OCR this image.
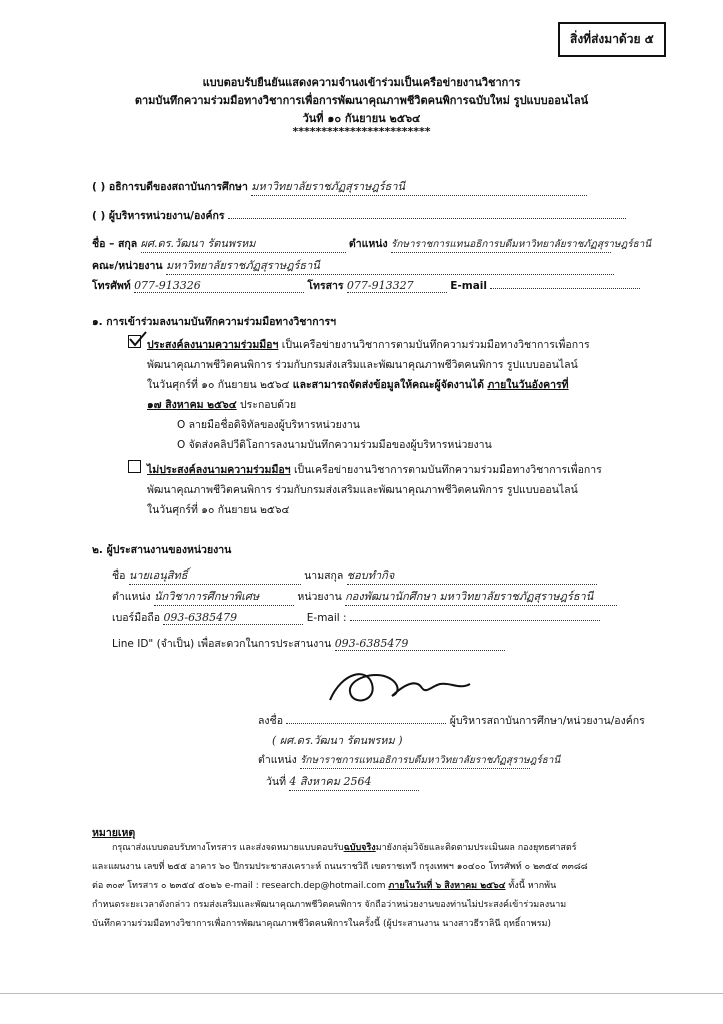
สิ่งที่ส่งมาด้วย ๕
แบบตอบรับยืนยันแสดงความจำนงเข้าร่วมเป็นเครือข่ายงานวิชาการ
ตามบันทึกความร่วมมือทางวิชาการเพื่อการพัฒนาคุณภาพชีวิตคนพิการฉบับใหม่ รูปแบบออนไลน์
วันที่ ๑๐ กันยายน ๒๕๖๔
************************
( ) อธิการบดีของสถาบันการศึกษา มหาวิทยาลัยราชภัฏสุราษฎร์ธานี
( ) ผู้บริหารหน่วยงาน/องค์กร
ชื่อ – สกุล ผศ.ดร.วัฒนา รัตนพรหม	ตำแหน่ง รักษาราชการแทนอธิการบดีมหาวิทยาลัยราชภัฏสุราษฎร์ธานี
คณะ/หน่วยงาน มหาวิทยาลัยราชภัฏสุราษฎร์ธานี
โทรศัพท์ 077-913326	โทรสาร 077-913327	E-mail
๑. การเข้าร่วมลงนามบันทึกความร่วมมือทางวิชาการฯ
ประสงค์ลงนามความร่วมมือฯ เป็นเครือข่ายงานวิชาการตามบันทึกความร่วมมือทางวิชาการเพื่อการ
พัฒนาคุณภาพชีวิตคนพิการ ร่วมกับกรมส่งเสริมและพัฒนาคุณภาพชีวิตคนพิการ รูปแบบออนไลน์
ในวันศุกร์ที่ ๑๐ กันยายน ๒๕๖๔ และสามารถจัดส่งข้อมูลให้คณะผู้จัดงานได้ ภายในวันอังคารที่
๑๗ สิงหาคม ๒๕๖๔ ประกอบด้วย
O ลายมือชื่อดิจิทัลของผู้บริหารหน่วยงาน
O จัดส่งคลิปวีดิโอการลงนามบันทึกความร่วมมือของผู้บริหารหน่วยงาน
ไม่ประสงค์ลงนามความร่วมมือฯ เป็นเครือข่ายงานวิชาการตามบันทึกความร่วมมือทางวิชาการเพื่อการ
พัฒนาคุณภาพชีวิตคนพิการ ร่วมกับกรมส่งเสริมและพัฒนาคุณภาพชีวิตคนพิการ รูปแบบออนไลน์
ในวันศุกร์ที่ ๑๐ กันยายน ๒๕๖๔
๒. ผู้ประสานงานของหน่วยงาน
ชื่อ นายเอนุสิทธิ์	นามสกุล ชอบทำกิจ
ตำแหน่ง นักวิชาการศึกษาพิเศษ	หน่วยงาน กองพัฒนานักศึกษา มหาวิทยาลัยราชภัฏสุราษฎร์ธานี
เบอร์มือถือ 093-6385479	E-mail :
Line ID" (จำเป็น) เพื่อสะดวกในการประสานงาน 093-6385479
ลงชื่อ	ผู้บริหารสถาบันการศึกษา/หน่วยงาน/องค์กร
( ผศ.ดร.วัฒนา รัตนพรหม )
ตำแหน่ง รักษาราชการแทนอธิการบดีมหาวิทยาลัยราชภัฏสุราษฎร์ธานี
วันที่ 4 สิงหาคม 2564
หมายเหตุ
กรุณาส่งแบบตอบรับทางโทรสาร และส่งจดหมายแบบตอบรับฉบับจริงมายังกลุ่มวิจัยและติดตามประเมินผล กองยุทธศาสตร์
และแผนงาน เลขที่ ๒๕๕ อาคาร ๖๐ ปีกรมประชาสงเคราะห์ ถนนราชวิถี เขตราชเทวี กรุงเทพฯ ๑๐๔๐๐ โทรศัพท์ ๐ ๒๓๕๔ ๓๓๘๘
ต่อ ๓๐๙ โทรสาร ๐ ๒๓๕๔ ๕๐๒๖ e-mail : research.dep@hotmail.com ภายในวันที่ ๖ สิงหาคม ๒๕๖๔ ทั้งนี้ หากพ้น
กำหนดระยะเวลาดังกล่าว กรมส่งเสริมและพัฒนาคุณภาพชีวิตคนพิการ จักถือว่าหน่วยงานของท่านไม่ประสงค์เข้าร่วมลงนาม
บันทึกความร่วมมือทางวิชาการเพื่อการพัฒนาคุณภาพชีวิตคนพิการในครั้งนี้ (ผู้ประสานงาน นางสาวธีราลินี ฤทธิ์ถาพรม)
